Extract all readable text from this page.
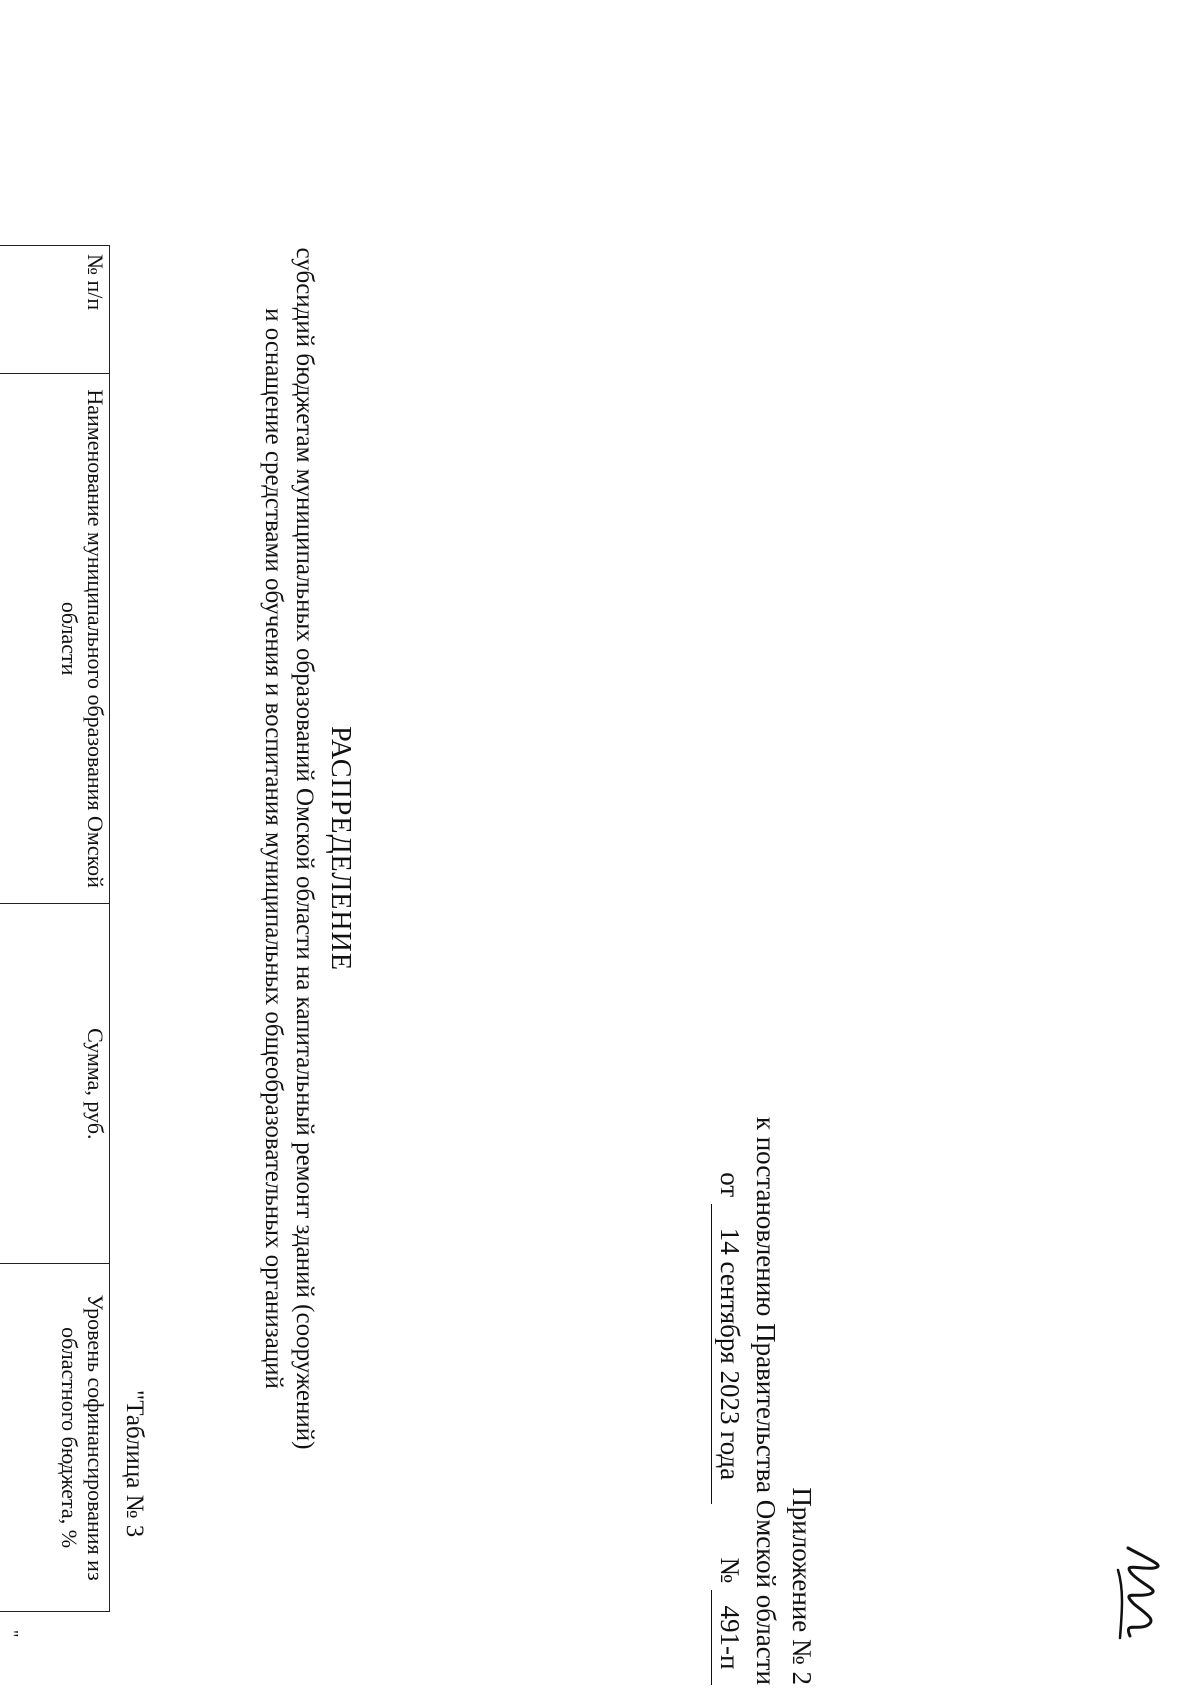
Приложение № 2
к постановлению Правительства Омской области
от 14 сентября 2023 года  № 491-п
"Таблица № 3
РАСПРЕДЕЛЕНИЕ
субсидий бюджетам муниципальных образований Омской области на капитальный ремонт зданий (сооружений)
и оснащение средствами обучения и воспитания муниципальных общеобразовательных организаций
№ п/п	Наименование муниципального образования Омской области	Сумма, руб.	Уровень софинансирования из областного бюджета, %

"
